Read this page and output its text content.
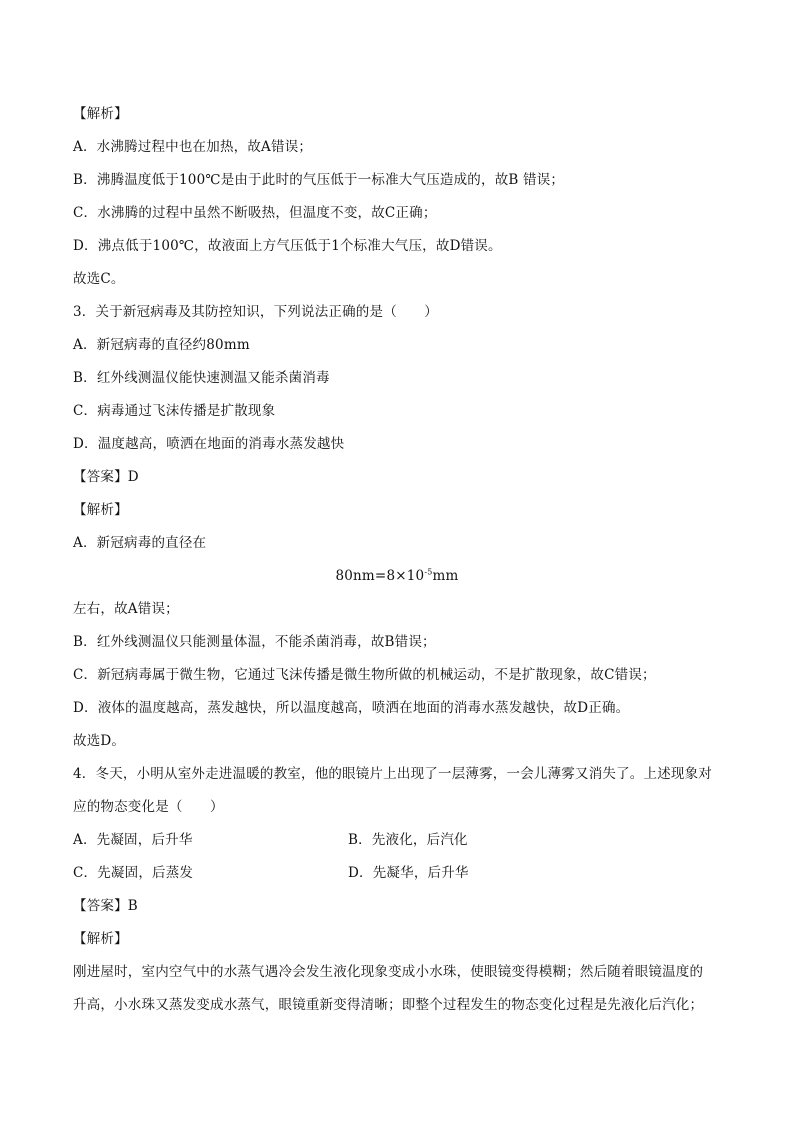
【解析】
A．水沸腾过程中也在加热，故A错误；
B．沸腾温度低于100℃是由于此时的气压低于一标准大气压造成的，故B 错误；
C．水沸腾的过程中虽然不断吸热，但温度不变，故C正确；
D．沸点低于100℃，故液面上方气压低于1个标准大气压，故D错误。
故选C。
3．关于新冠病毒及其防控知识，下列说法正确的是（　　）
A．新冠病毒的直径约80mm
B．红外线测温仪能快速测温又能杀菌消毒
C．病毒通过飞沫传播是扩散现象
D．温度越高，喷洒在地面的消毒水蒸发越快
【答案】D
【解析】
A．新冠病毒的直径在
$80nm=8\times 10^{-5}mm$
左右，故A错误；
B．红外线测温仪只能测量体温，不能杀菌消毒，故B错误；
C．新冠病毒属于微生物，它通过飞沫传播是微生物所做的机械运动，不是扩散现象，故C错误；
D．液体的温度越高，蒸发越快，所以温度越高，喷洒在地面的消毒水蒸发越快，故D正确。
故选D。
4．冬天，小明从室外走进温暖的教室，他的眼镜片上出现了一层薄雾，一会儿薄雾又消失了。上述现象对
应的物态变化是（　　）
A．先凝固，后升华	B．先液化，后汽化
C．先凝固，后蒸发	D．先凝华，后升华
【答案】B
【解析】
刚进屋时，室内空气中的水蒸气遇冷会发生液化现象变成小水珠，使眼镜变得模糊；然后随着眼镜温度的
升高，小水珠又蒸发变成水蒸气，眼镜重新变得清晰；即整个过程发生的物态变化过程是先液化后汽化；
